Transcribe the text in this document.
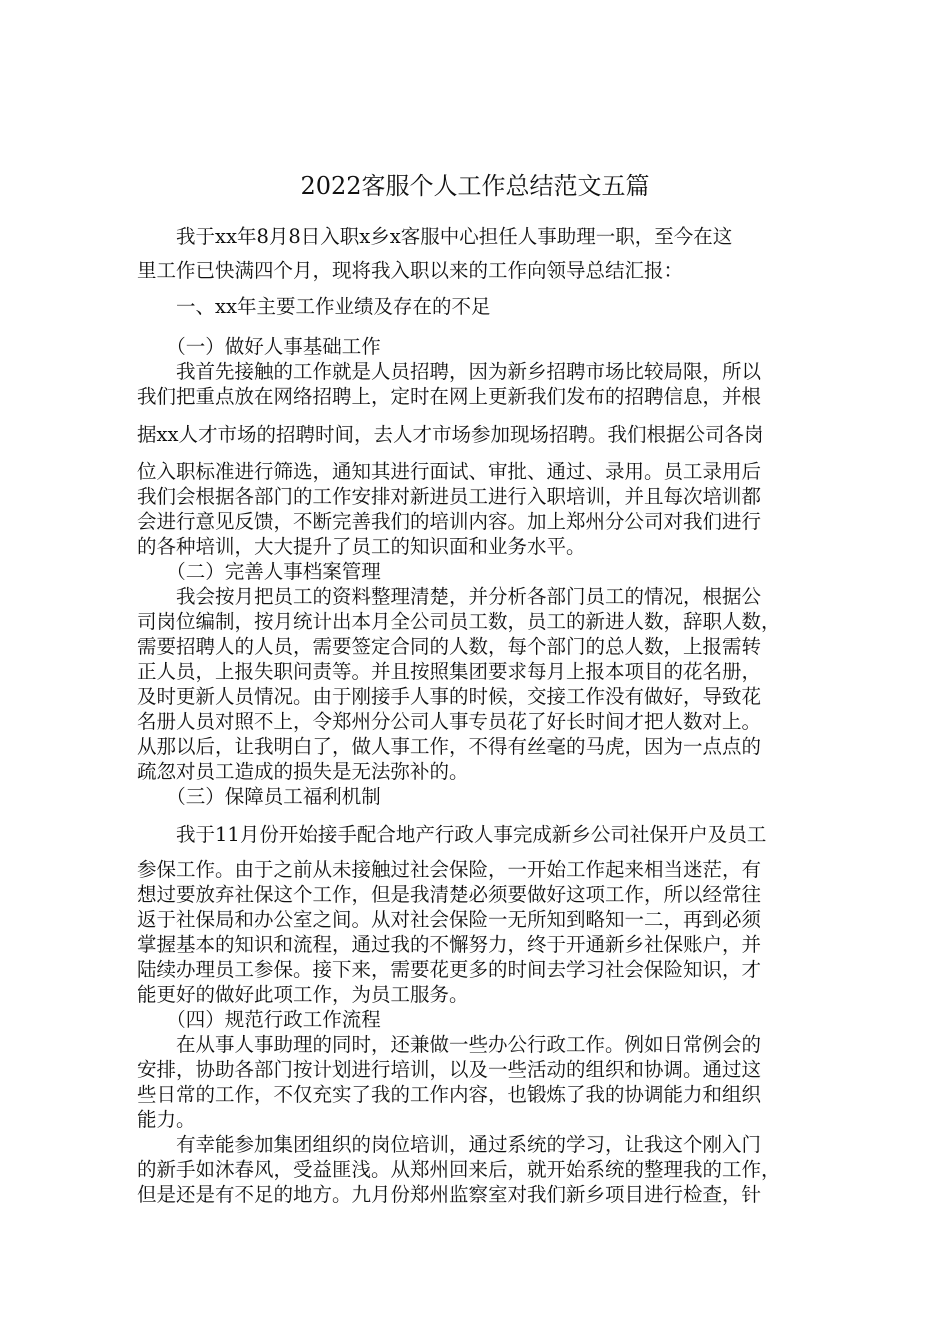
2022客服个人工作总结范文五篇

　　我于xx年8月8日入职x乡x客服中心担任人事助理一职，至今在这

里工作已快满四个月，现将我入职以来的工作向领导总结汇报：

　　一、xx年主要工作业绩及存在的不足

　　（一）做好人事基础工作

　　我首先接触的工作就是人员招聘，因为新乡招聘市场比较局限，所以

我们把重点放在网络招聘上，定时在网上更新我们发布的招聘信息，并根

据xx人才市场的招聘时间，去人才市场参加现场招聘。我们根据公司各岗

位入职标准进行筛选，通知其进行面试、审批、通过、录用。员工录用后

我们会根据各部门的工作安排对新进员工进行入职培训，并且每次培训都

会进行意见反馈，不断完善我们的培训内容。加上郑州分公司对我们进行

的各种培训，大大提升了员工的知识面和业务水平。

　　（二）完善人事档案管理

　　我会按月把员工的资料整理清楚，并分析各部门员工的情况，根据公

司岗位编制，按月统计出本月全公司员工数，员工的新进人数，辞职人数，

需要招聘人的人员，需要签定合同的人数，每个部门的总人数，上报需转

正人员，上报失职问责等。并且按照集团要求每月上报本项目的花名册，

及时更新人员情况。由于刚接手人事的时候，交接工作没有做好，导致花

名册人员对照不上，令郑州分公司人事专员花了好长时间才把人数对上。

从那以后，让我明白了，做人事工作，不得有丝毫的马虎，因为一点点的

疏忽对员工造成的损失是无法弥补的。

　　（三）保障员工福利机制

　　我于11月份开始接手配合地产行政人事完成新乡公司社保开户及员工

参保工作。由于之前从未接触过社会保险，一开始工作起来相当迷茫，有

想过要放弃社保这个工作，但是我清楚必须要做好这项工作，所以经常往

返于社保局和办公室之间。从对社会保险一无所知到略知一二，再到必须

掌握基本的知识和流程，通过我的不懈努力，终于开通新乡社保账户，并

陆续办理员工参保。接下来，需要花更多的时间去学习社会保险知识，才

能更好的做好此项工作，为员工服务。

　　（四）规范行政工作流程

　　在从事人事助理的同时，还兼做一些办公行政工作。例如日常例会的

安排，协助各部门按计划进行培训，以及一些活动的组织和协调。通过这

些日常的工作，不仅充实了我的工作内容，也锻炼了我的协调能力和组织

能力。

　　有幸能参加集团组织的岗位培训，通过系统的学习，让我这个刚入门

的新手如沐春风，受益匪浅。从郑州回来后，就开始系统的整理我的工作，

但是还是有不足的地方。九月份郑州监察室对我们新乡项目进行检查，针
